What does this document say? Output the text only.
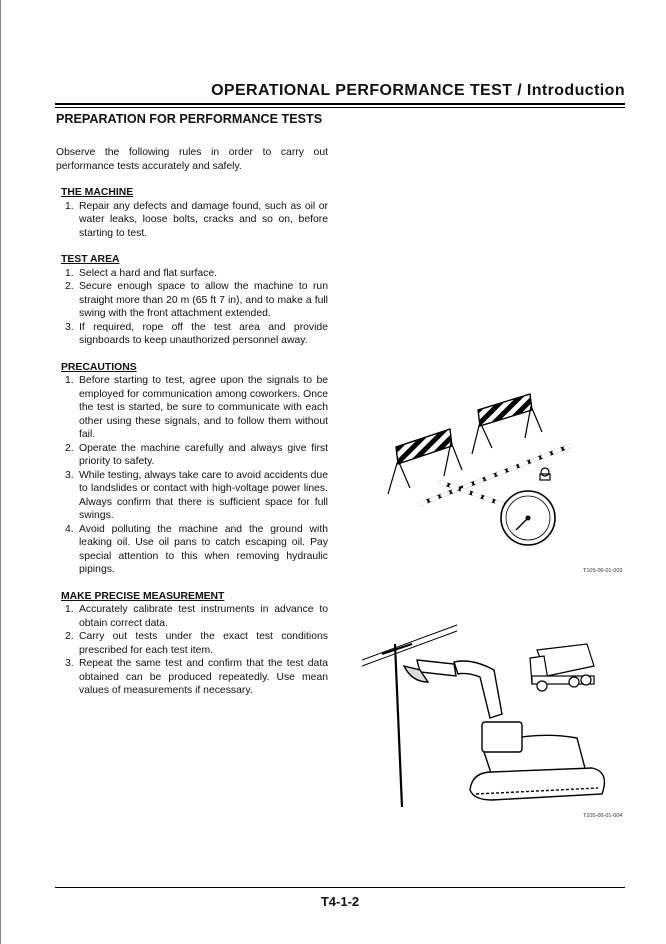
OPERATIONAL PERFORMANCE TEST / Introduction
PREPARATION FOR PERFORMANCE TESTS

Observe the following rules in order to carry out performance tests accurately and safely.

THE MACHINE
1. Repair any defects and damage found, such as oil or water leaks, loose bolts, cracks and so on, before starting to test.
TEST AREA
1. Select a hard and flat surface.
2. Secure enough space to allow the machine to run straight more than 20 m (65 ft 7 in), and to make a full swing with the front attachment extended.
3. If required, rope off the test area and provide signboards to keep unauthorized personnel away.
PRECAUTIONS
1. Before starting to test, agree upon the signals to be employed for communication among coworkers. Once the test is started, be sure to communicate with each other using these signals, and to follow them without fail.
2. Operate the machine carefully and always give first priority to safety.
3. While testing, always take care to avoid accidents due to landslides or contact with high-voltage power lines. Always confirm that there is sufficient space for full swings.
4. Avoid polluting the machine and the ground with leaking oil. Use oil pans to catch escaping oil. Pay special attention to this when removing hydraulic pipings.
MAKE PRECISE MEASUREMENT
1. Accurately calibrate test instruments in advance to obtain correct data.
2. Carry out tests under the exact test conditions prescribed for each test item.
3. Repeat the same test and confirm that the test data obtained can be produced repeatedly. Use mean values of measurements if necessary.
T105-06-01-003
T105-06-01-004
T4-1-2
